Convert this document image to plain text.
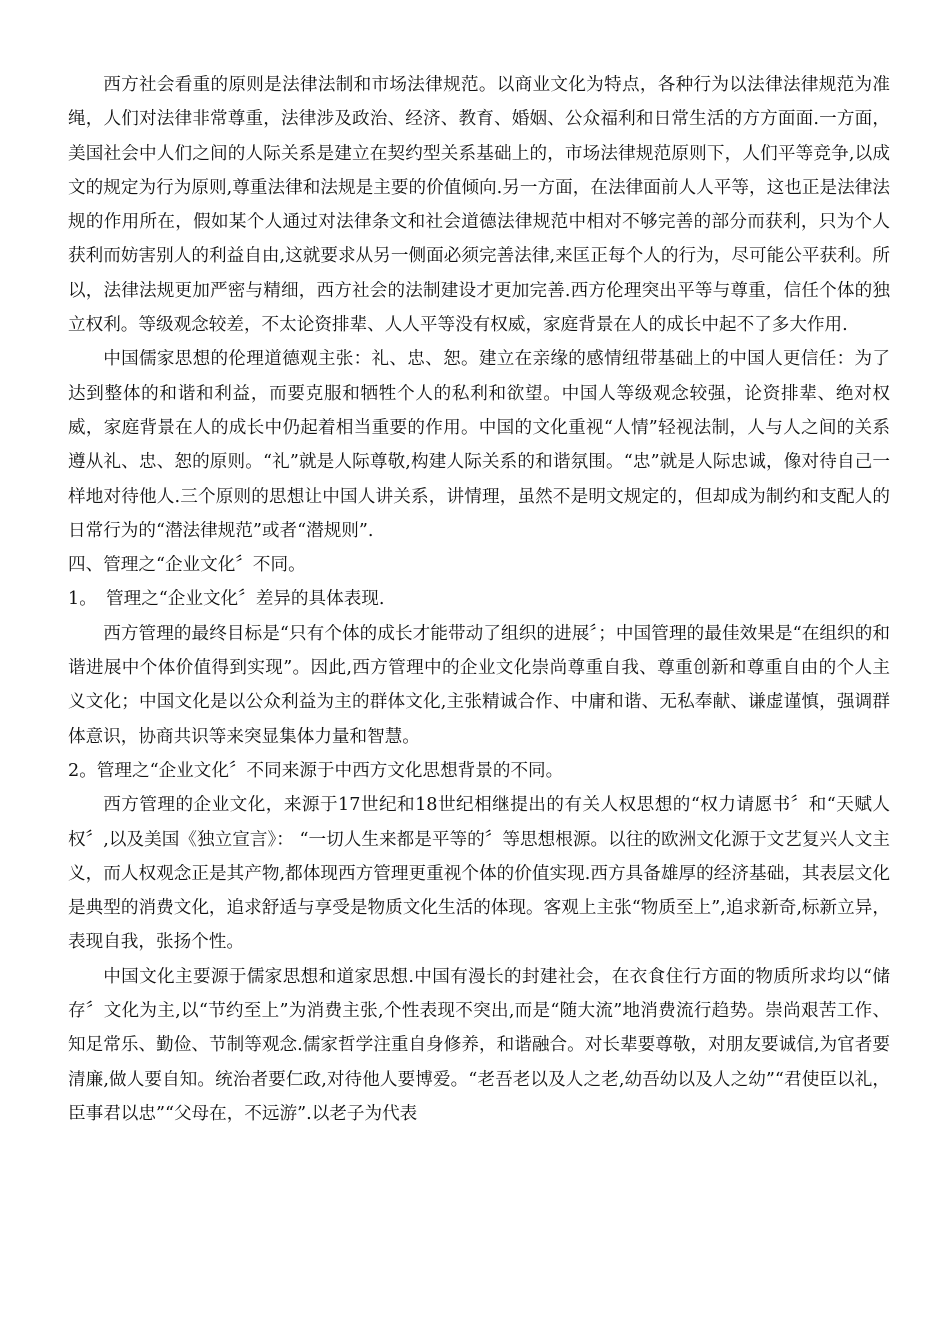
西方社会看重的原则是法律法制和市场法律规范。以商业文化为特点，各种行为以法律法律规范为准绳，人们对法律非常尊重，法律涉及政治、经济、教育、婚姻、公众福利和日常生活的方方面面.一方面，美国社会中人们之间的人际关系是建立在契约型关系基础上的，市场法律规范原则下，人们平等竞争,以成文的规定为行为原则,尊重法律和法规是主要的价值倾向.另一方面，在法律面前人人平等，这也正是法律法规的作用所在，假如某个人通过对法律条文和社会道德法律规范中相对不够完善的部分而获利，只为个人获利而妨害别人的利益自由,这就要求从另一侧面必须完善法律,来匡正每个人的行为，尽可能公平获利。所以，法律法规更加严密与精细，西方社会的法制建设才更加完善.西方伦理突出平等与尊重，信任个体的独立权利。等级观念较差，不太论资排辈、人人平等没有权威，家庭背景在人的成长中起不了多大作用.

中国儒家思想的伦理道德观主张：礼、忠、恕。建立在亲缘的感情纽带基础上的中国人更信任：为了达到整体的和谐和利益，而要克服和牺牲个人的私利和欲望。中国人等级观念较强，论资排辈、绝对权威，家庭背景在人的成长中仍起着相当重要的作用。中国的文化重视“人情”轻视法制，人与人之间的关系遵从礼、忠、恕的原则。“礼”就是人际尊敬,构建人际关系的和谐氛围。“忠”就是人际忠诚，像对待自己一样地对待他人.三个原则的思想让中国人讲关系，讲情理，虽然不是明文规定的，但却成为制约和支配人的日常行为的“潜法律规范”或者“潜规则”.

四、管理之“企业文化〞不同。

1。 管理之“企业文化〞差异的具体表现.

西方管理的最终目标是“只有个体的成长才能带动了组织的进展〞；中国管理的最佳效果是“在组织的和谐进展中个体价值得到实现”。因此,西方管理中的企业文化崇尚尊重自我、尊重创新和尊重自由的个人主义文化；中国文化是以公众利益为主的群体文化,主张精诚合作、中庸和谐、无私奉献、谦虚谨慎，强调群体意识，协商共识等来突显集体力量和智慧。

2。管理之“企业文化〞不同来源于中西方文化思想背景的不同。

西方管理的企业文化，来源于17世纪和18世纪相继提出的有关人权思想的“权力请愿书〞和“天赋人权〞,以及美国《独立宣言》： “一切人生来都是平等的〞等思想根源。以往的欧洲文化源于文艺复兴人文主义，而人权观念正是其产物,都体现西方管理更重视个体的价值实现.西方具备雄厚的经济基础，其表层文化是典型的消费文化，追求舒适与享受是物质文化生活的体现。客观上主张“物质至上”,追求新奇,标新立异，表现自我，张扬个性。

中国文化主要源于儒家思想和道家思想.中国有漫长的封建社会，在衣食住行方面的物质所求均以“储存〞文化为主,以“节约至上”为消费主张,个性表现不突出,而是“随大流”地消费流行趋势。崇尚艰苦工作、知足常乐、勤俭、节制等观念.儒家哲学注重自身修养，和谐融合。对长辈要尊敬，对朋友要诚信,为官者要清廉,做人要自知。统治者要仁政,对待他人要博爱。“老吾老以及人之老,幼吾幼以及人之幼”“君使臣以礼，臣事君以忠”“父母在，不远游”.以老子为代表
